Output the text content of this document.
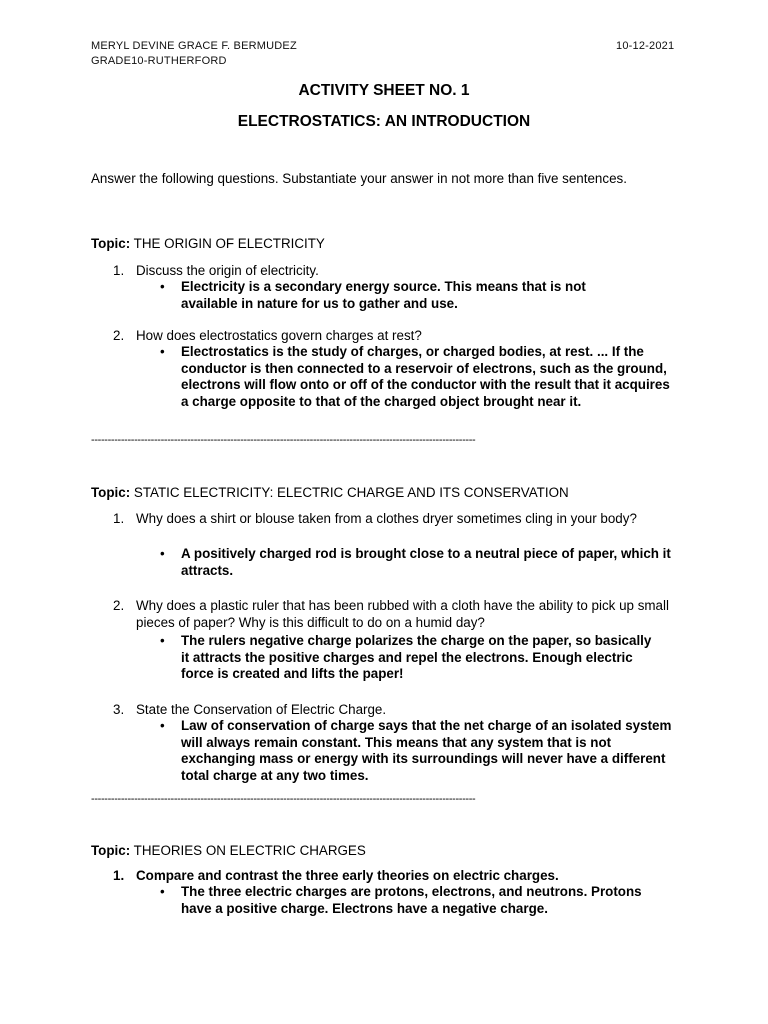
MERYL DEVINE GRACE F. BERMUDEZ
GRADE10-RUTHERFORD
10-12-2021
ACTIVITY SHEET NO. 1
ELECTROSTATICS: AN INTRODUCTION
Answer the following questions. Substantiate your answer in not more than five sentences.
Topic: THE ORIGIN OF ELECTRICITY
1. Discuss the origin of electricity.
• Electricity is a secondary energy source. This means that is not available in nature for us to gather and use.
2. How does electrostatics govern charges at rest?
• Electrostatics is the study of charges, or charged bodies, at rest. ... If the conductor is then connected to a reservoir of electrons, such as the ground, electrons will flow onto or off of the conductor with the result that it acquires a charge opposite to that of the charged object brought near it.
--------------------------------------------------------------------------------------------------------------------
Topic: STATIC ELECTRICITY: ELECTRIC CHARGE AND ITS CONSERVATION
1. Why does a shirt or blouse taken from a clothes dryer sometimes cling in your body?
• A positively charged rod is brought close to a neutral piece of paper, which it attracts.
2. Why does a plastic ruler that has been rubbed with a cloth have the ability to pick up small pieces of paper? Why is this difficult to do on a humid day?
• The rulers negative charge polarizes the charge on the paper, so basically it attracts the positive charges and repel the electrons. Enough electric force is created and lifts the paper!
3. State the Conservation of Electric Charge.
• Law of conservation of charge says that the net charge of an isolated system will always remain constant. This means that any system that is not exchanging mass or energy with its surroundings will never have a different total charge at any two times.
--------------------------------------------------------------------------------------------------------------------
Topic: THEORIES ON ELECTRIC CHARGES
1. Compare and contrast the three early theories on electric charges.
• The three electric charges are protons, electrons, and neutrons. Protons have a positive charge. Electrons have a negative charge.
